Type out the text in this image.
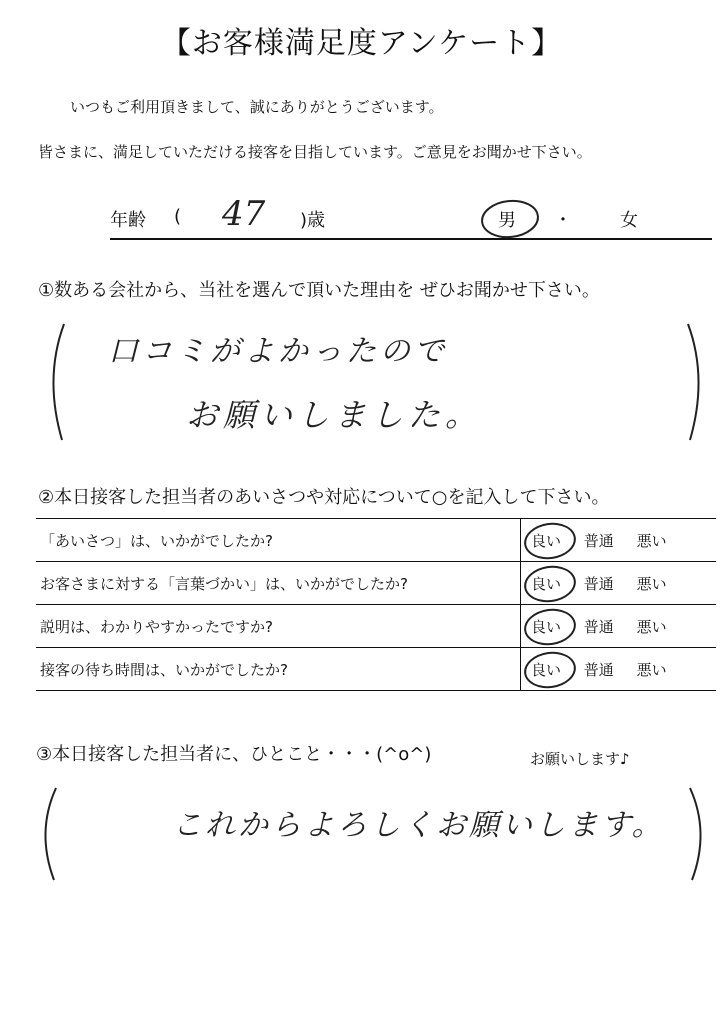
【お客様満足度アンケート】
いつもご利用頂きまして、誠にありがとうございます。
皆さまに、満足していただける接客を目指しています。ご意見をお聞かせ下さい。
年齢 ( 47 )歳	男 ・	女
①数ある会社から、当社を選んで頂いた理由を ぜひお聞かせ下さい。
口コミがよかったので
お願いしました。
②本日接客した担当者のあいさつや対応について○を記入して下さい。
「あいさつ」は、いかがでしたか?	良い 普通 悪い
お客さまに対する「言葉づかい」は、いかがでしたか?	良い 普通 悪い
説明は、わかりやすかったですか?	良い 普通 悪い
接客の待ち時間は、いかがでしたか?	良い 普通 悪い
③本日接客した担当者に、ひとこと・・・(^o^)	お願いします♪
これからよろしくお願いします。
